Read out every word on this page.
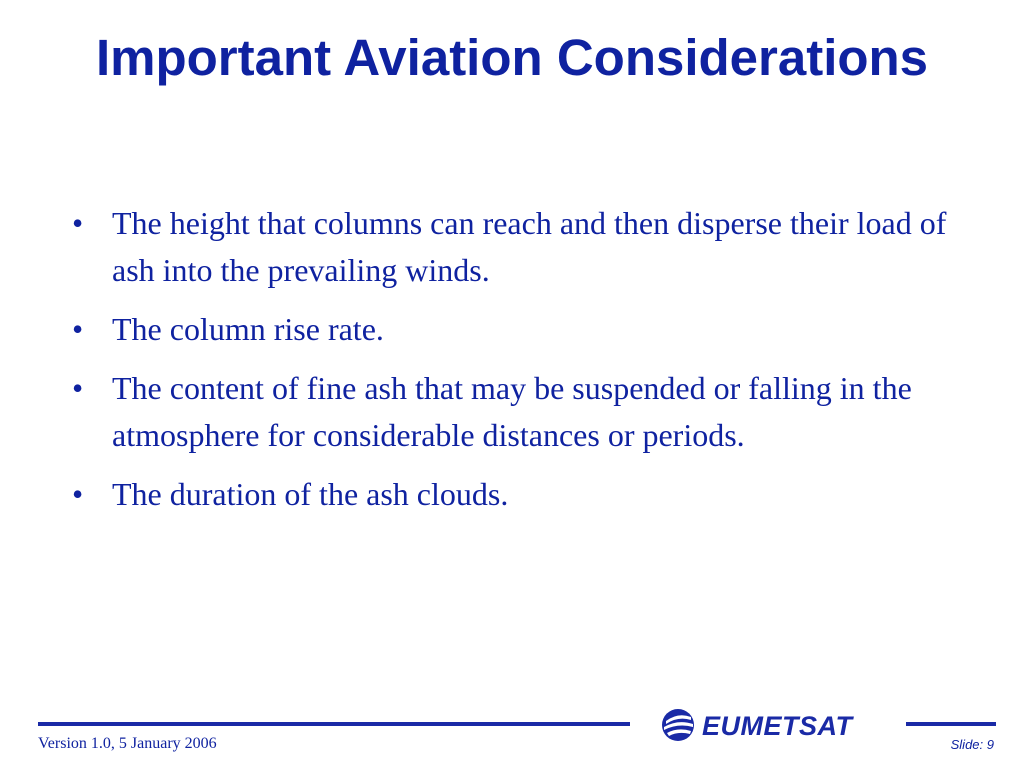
Important Aviation Considerations
• The height that columns can reach and then disperse their load of ash into the prevailing winds.
• The column rise rate.
• The content of fine ash that may be suspended or falling in the atmosphere for considerable distances or periods.
• The duration of the ash clouds.
EUMETSAT
Version 1.0, 5 January 2006	Slide: 9
